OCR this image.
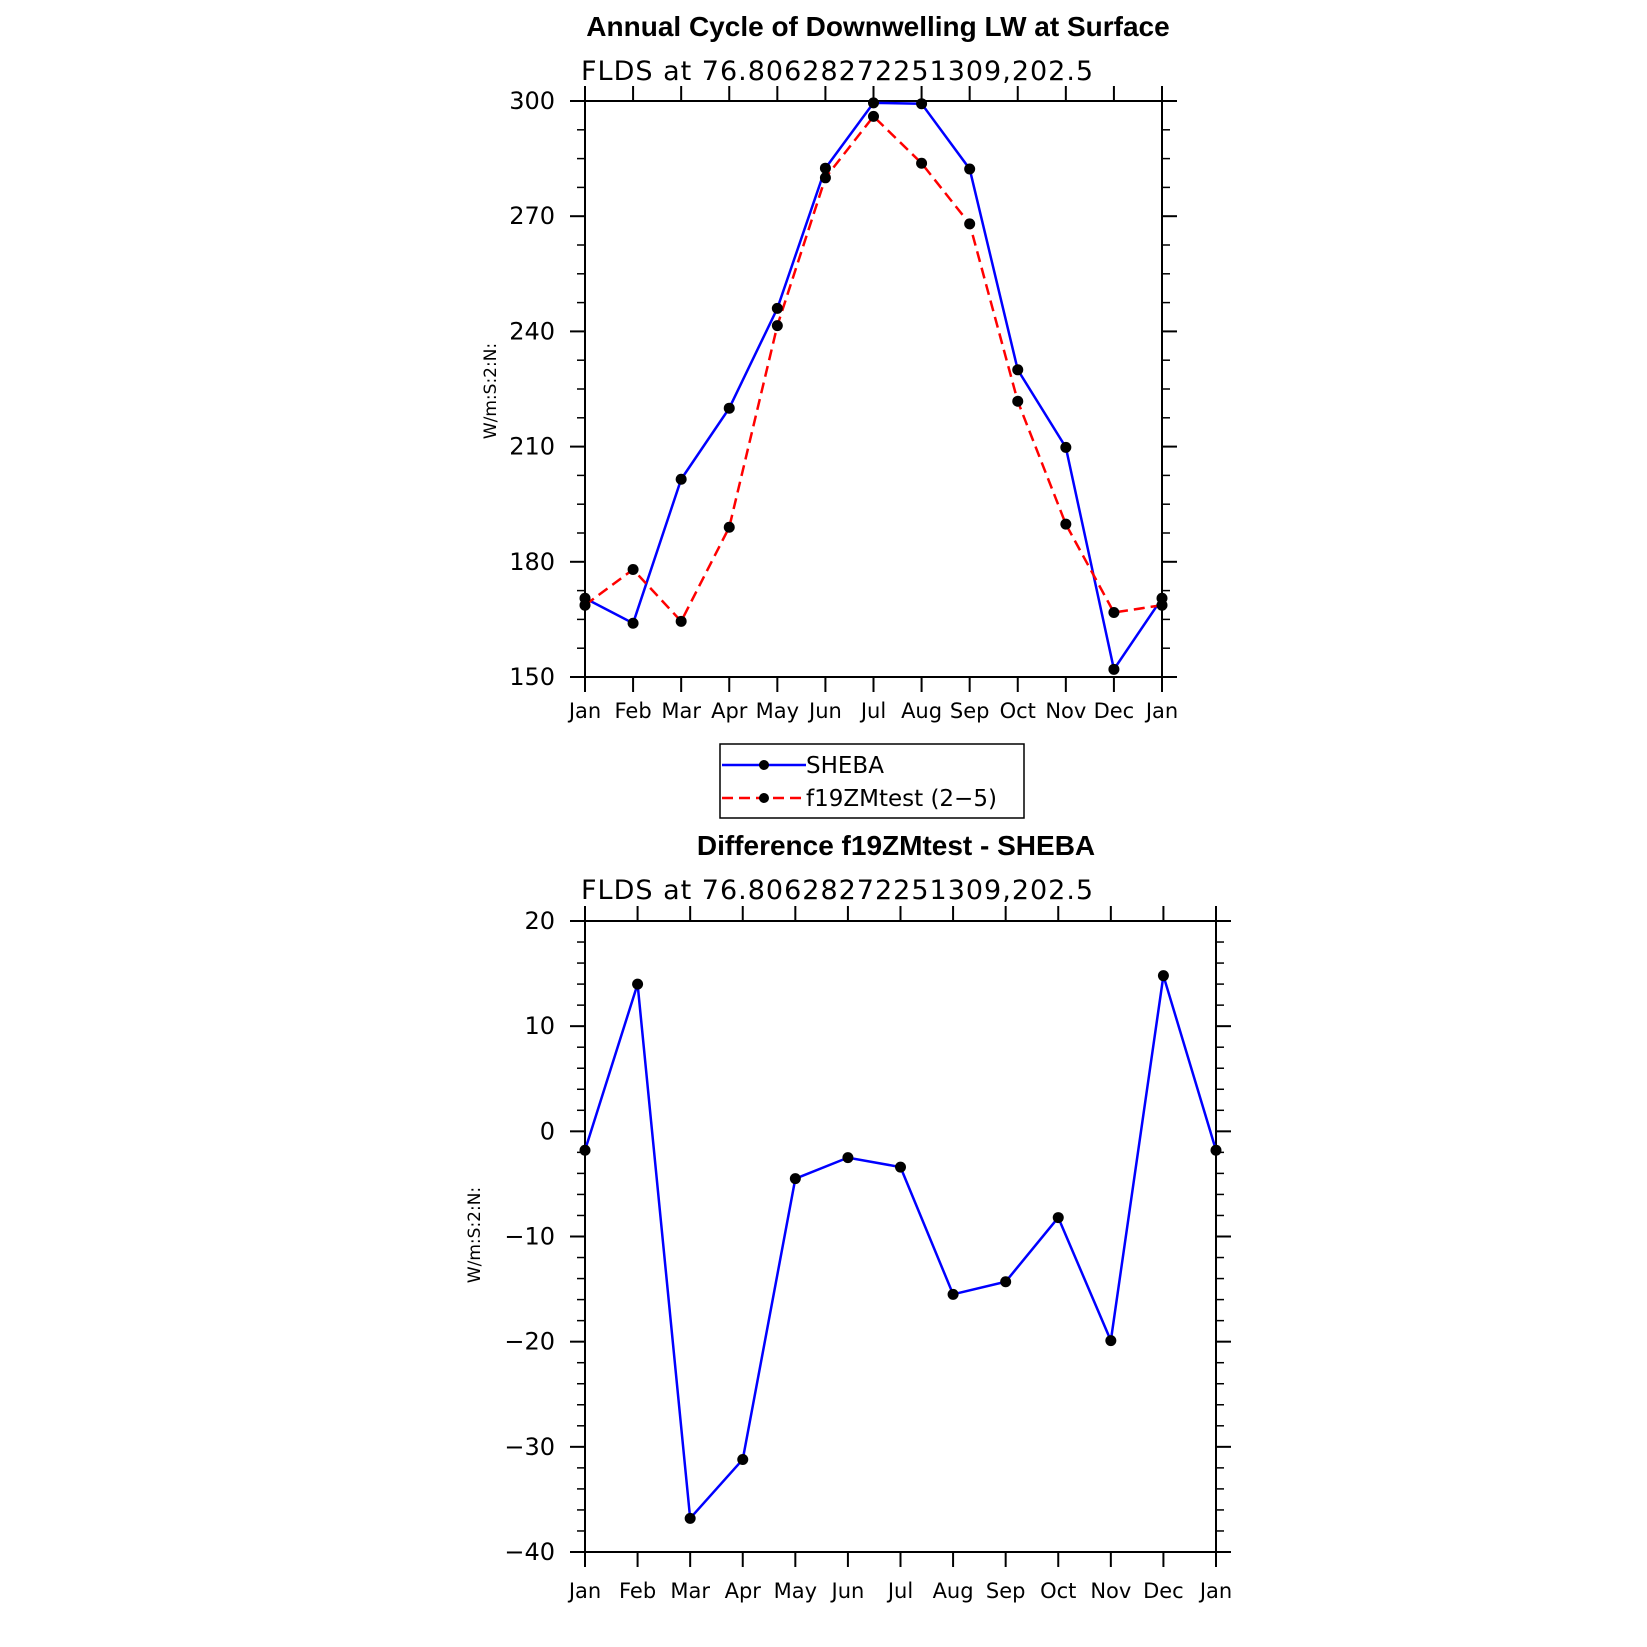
Annual Cycle of Downwelling LW at Surface
FLDS at 76.80628272251309,202.5
W/m:S:2:N:
150
180
210
240
270
300
Jan Feb Mar Apr May Jun Jul Aug Sep Oct Nov Dec Jan
SHEBA
f19ZMtest (2−5)
Difference f19ZMtest - SHEBA
FLDS at 76.80628272251309,202.5
W/m:S:2:N:
−40
−30
−20
−10
0
10
20
Jan Feb Mar Apr May Jun Jul Aug Sep Oct Nov Dec Jan
